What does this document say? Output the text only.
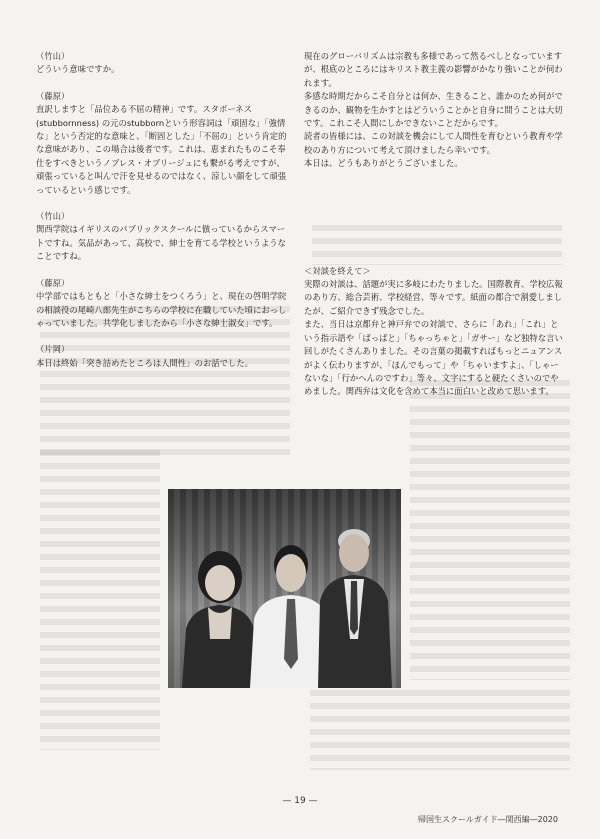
（竹山）

どういう意味ですか。

（藤原）

直訳しますと「品位ある不屈の精神」です。スタボーネス(stubbornness) の元のstubbornという形容詞は「頑固な」「強情な」という否定的な意味と、「断固とした」「不屈の」という肯定的な意味があり、この場合は後者です。これは、恵まれたものこそ奉仕をすべきというノブレス・オブリージュにも繋がる考えですが、頑張っていると叫んで汗を見せるのではなく、涼しい顔をして頑張っているという感じです。

（竹山）

関西学院はイギリスのパブリックスクールに倣っているからスマートですね。気品があって、高校で、紳士を育てる学校というようなことですね。

（藤原）

中学部ではもともと「小さな紳士をつくろう」と、現在の啓明学院の相談役の尾崎八郎先生がこちらの学校に在職していた頃におっしゃっていました。共学化しましたから「小さな紳士淑女」です。

（片岡）

本日は終始「突き詰めたところは人間性」のお話でした。

現在のグローバリズムは宗教も多様であって然るべしとなっていますが、根底のところにはキリスト教主義の影響がかなり強いことが伺われます。

多感な時期だからこそ自分とは何か、生きること、誰かのため何ができるのか、観物を生かすとはどういうことかと自身に問うことは大切です。これこそ人間にしかできないことだからです。

読者の皆様には、この対談を機会にして人間性を育むという教育や学校のあり方について考えて頂けましたら幸いです。

本日は、どうもありがとうございました。

＜対談を終えて＞

実際の対談は、話題が実に多岐にわたりました。国際教育、学校広報のあり方、総合芸術、学校経営、等々です。紙面の都合で割愛しましたが、ご紹介できず残念でした。

また、当日は京都弁と神戸弁での対談で、さらに「あれ」「これ」という指示語や「ぱっぱと」「ちゃっちゃと」「ガサー」など独特な言い回しがたくさんありました。その言葉の掲載すればもっとニュアンスがよく伝わりますが、「ほんでもって」や「ちゃいますよ」、「しゃーないな」「行かへんのですわ」等々、文字にすると硬たくさいのでやめました。関西弁は文化を含めて本当に面白いと改めて思います。

— 19 —
帰国生スクールガイド―関西編―2020
